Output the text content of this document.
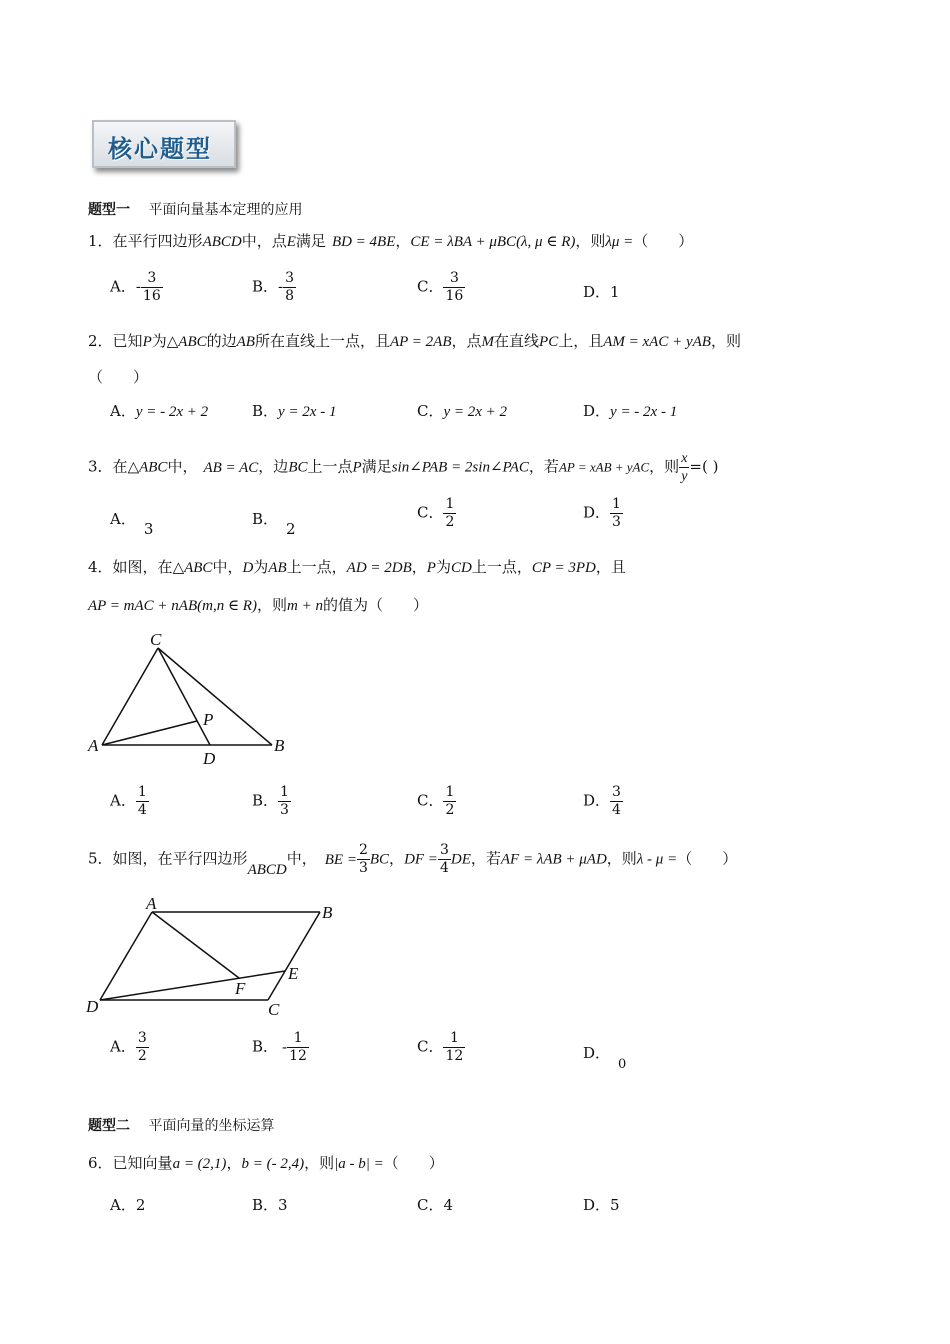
核心题型
题型一 平面向量基本定理的应用
1．在平行四边形ABCD中，点E满足 BD = 4BE，CE = λBA + μBC(λ, μ ∈ R)，则λμ =（　　）
A．- $\frac{3}{16}$	B．- $\frac{3}{8}$	C． $\frac{3}{16}$	D．1
2．已知P为△ABC的边AB所在直线上一点，且AP = 2AB，点M在直线PC上，且AM = xAC + yAB，则
（　　）
A．y = - 2x + 2	B．y = 2x - 1	C．y = 2x + 2	D．y = - 2x - 1
3．在△ABC中， AB = AC，边BC上一点P满足sin∠PAB = 2sin∠PAC，若AP = xAB + yAC，则 $\frac{x}{y}$ =( )
A．3
B．2
C． $\frac{1}{2}$	D． $\frac{1}{3}$
4．如图，在△ABC中，D为AB上一点，AD = 2DB，P为CD上一点，CP = 3PD，且
AP = mAC + nAB(m,n ∈ R)，则m + n的值为（　　）
C
A	B
D
P
A． $\frac{1}{4}$	B． $\frac{1}{3}$	C． $\frac{1}{2}$	D． $\frac{3}{4}$
5．如图，在平行四边形ABCD中， BE = $\frac{2}{3}$ BC，DF = $\frac{3}{4}$ DE，若AF = λAB + μAD，则λ - μ =（　　）
A	B
C
D
E
F
A． $\frac{3}{2}$	B． - $\frac{1}{12}$	C． $\frac{1}{12}$	D．0
题型二 平面向量的坐标运算
6．已知向量a = (2,1)，b = (- 2,4)，则|a - b| =（　　）
A．2	B．3	C．4	D．5
